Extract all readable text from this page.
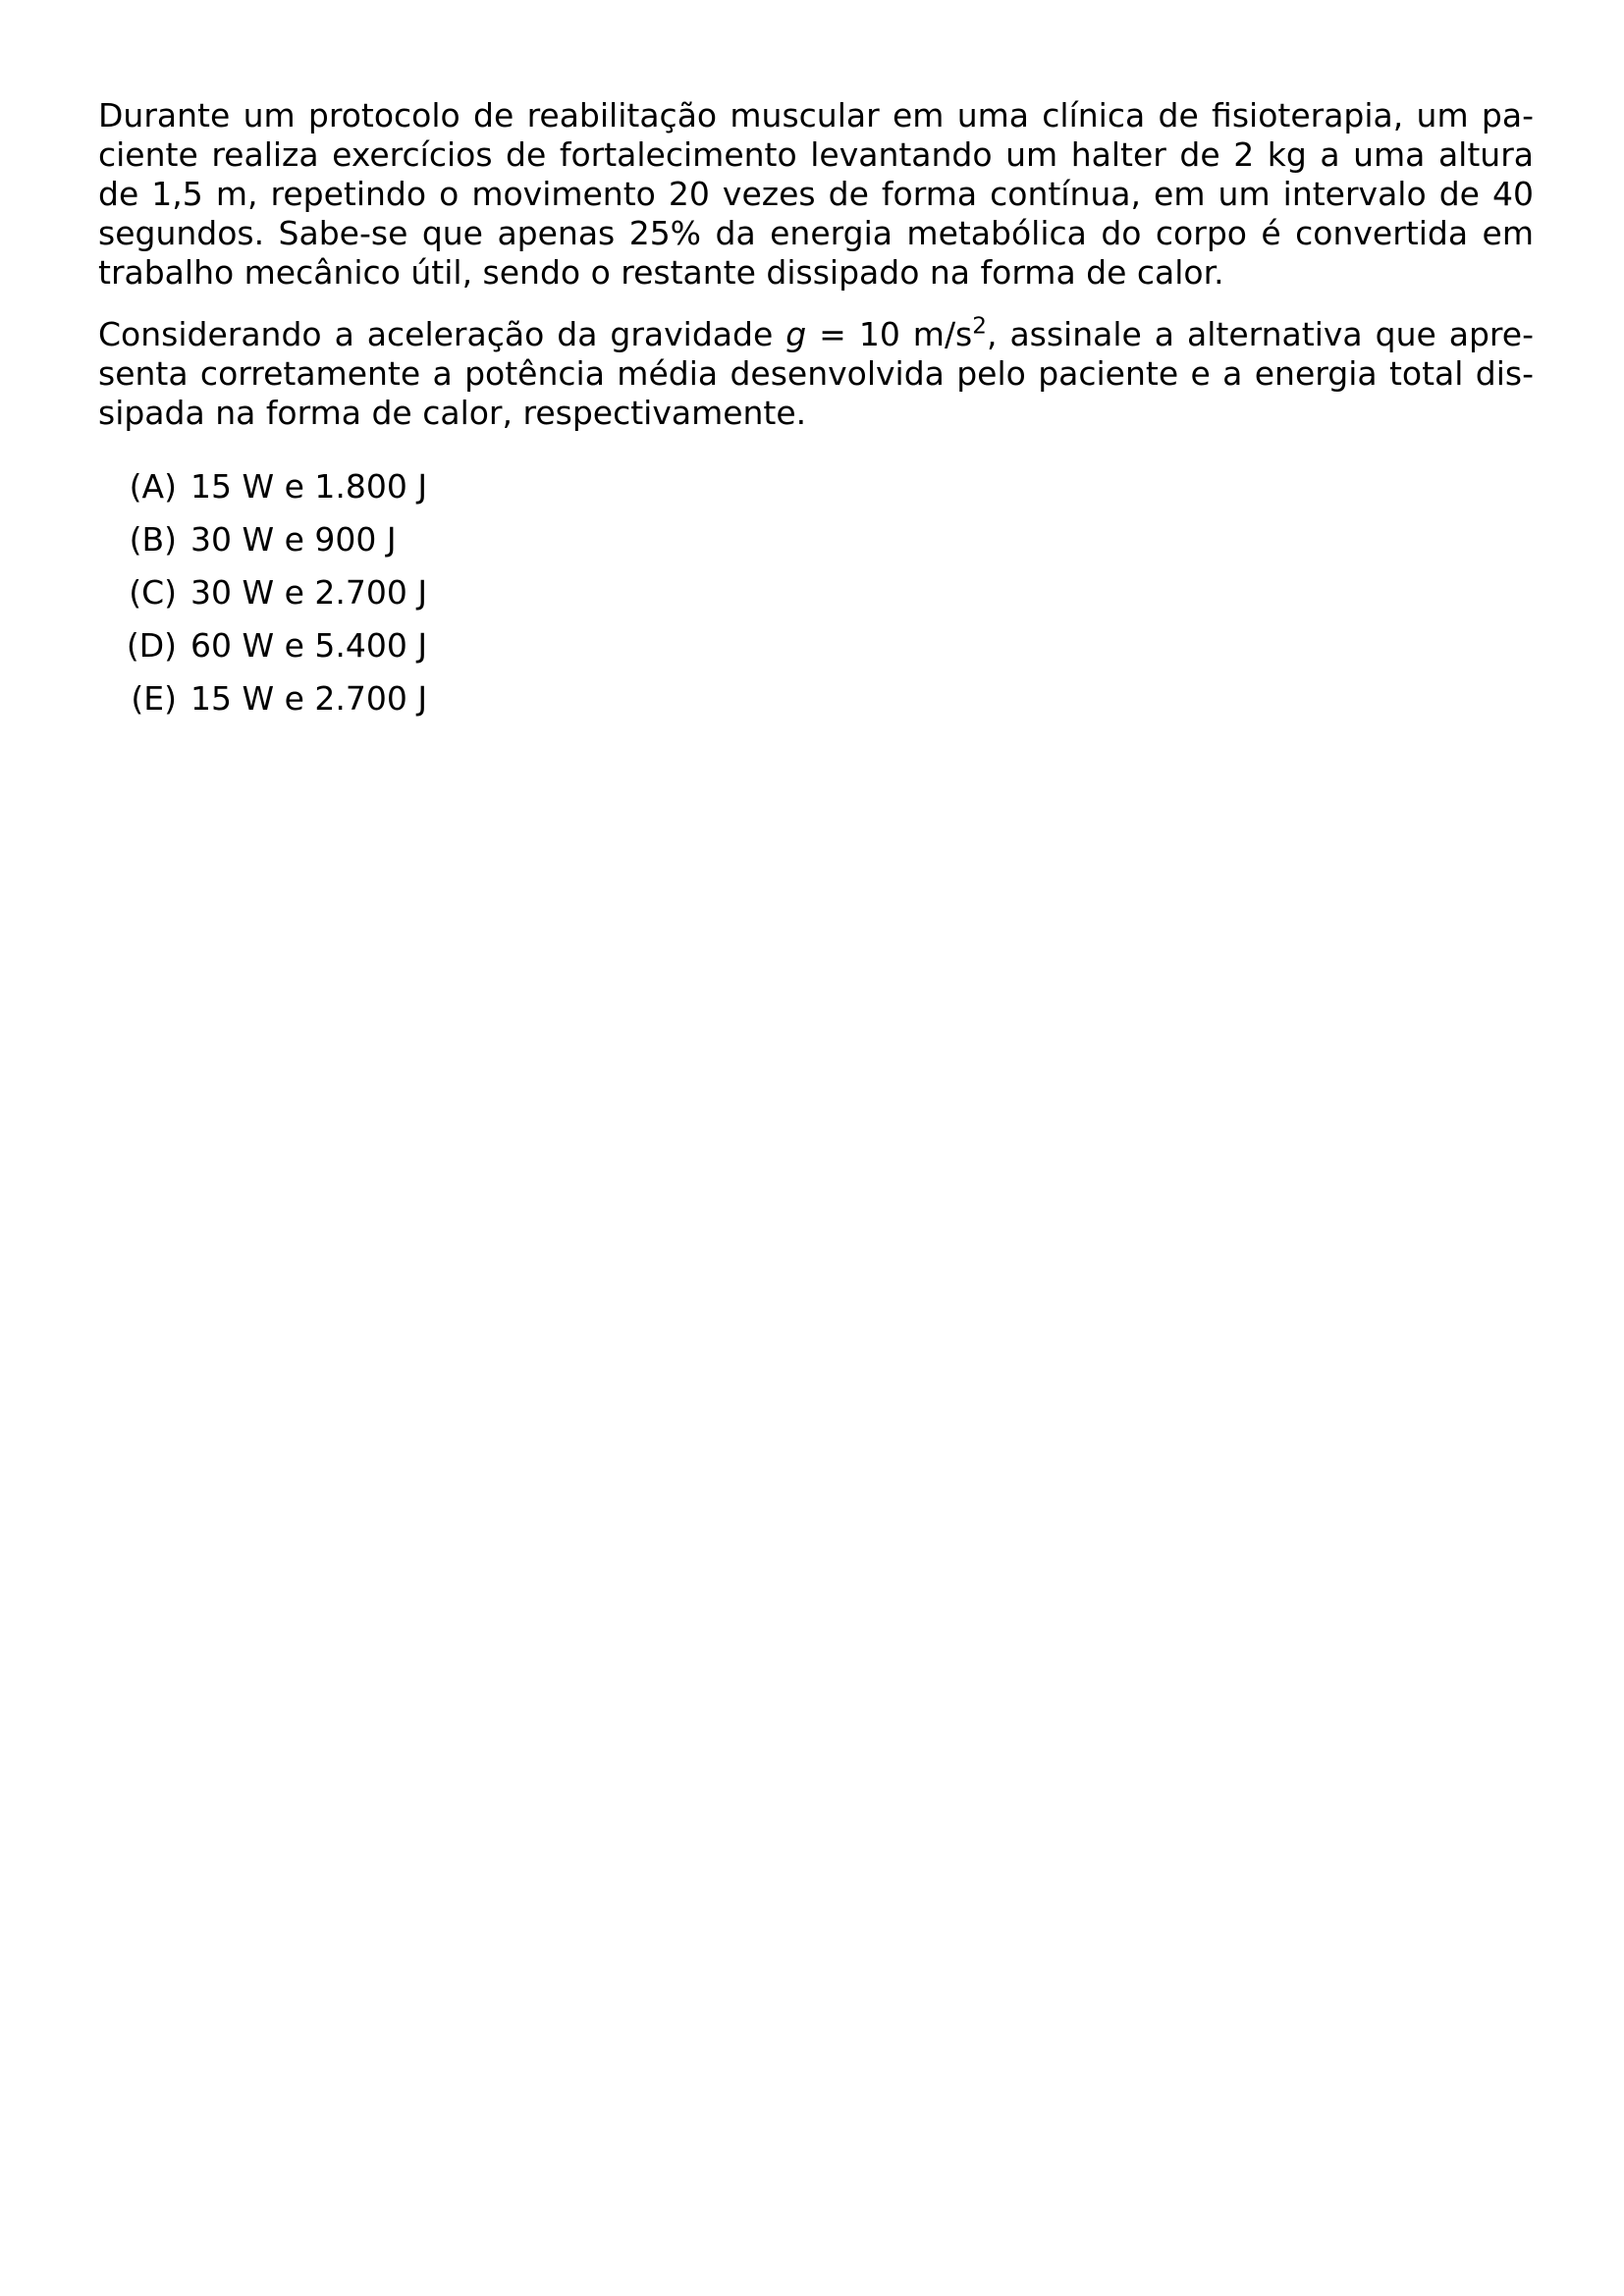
Durante um protocolo de reabilitação muscular em uma clínica de fisioterapia, um paciente realiza exercícios de fortalecimento levantando um halter de 2 kg a uma altura de 1,5 m, repetindo o movimento 20 vezes de forma contínua, em um intervalo de 40 segundos. Sabe-se que apenas 25% da energia metabólica do corpo é convertida em trabalho mecânico útil, sendo o restante dissipado na forma de calor.

Considerando a aceleração da gravidade g = 10 $m/s^2$, assinale a alternativa que apresenta corretamente a potência média desenvolvida pelo paciente e a energia total dissipada na forma de calor, respectivamente.

(A) 15 W e 1.800 J
(B) 30 W e 900 J
(C) 30 W e 2.700 J
(D) 60 W e 5.400 J
(E) 15 W e 2.700 J
